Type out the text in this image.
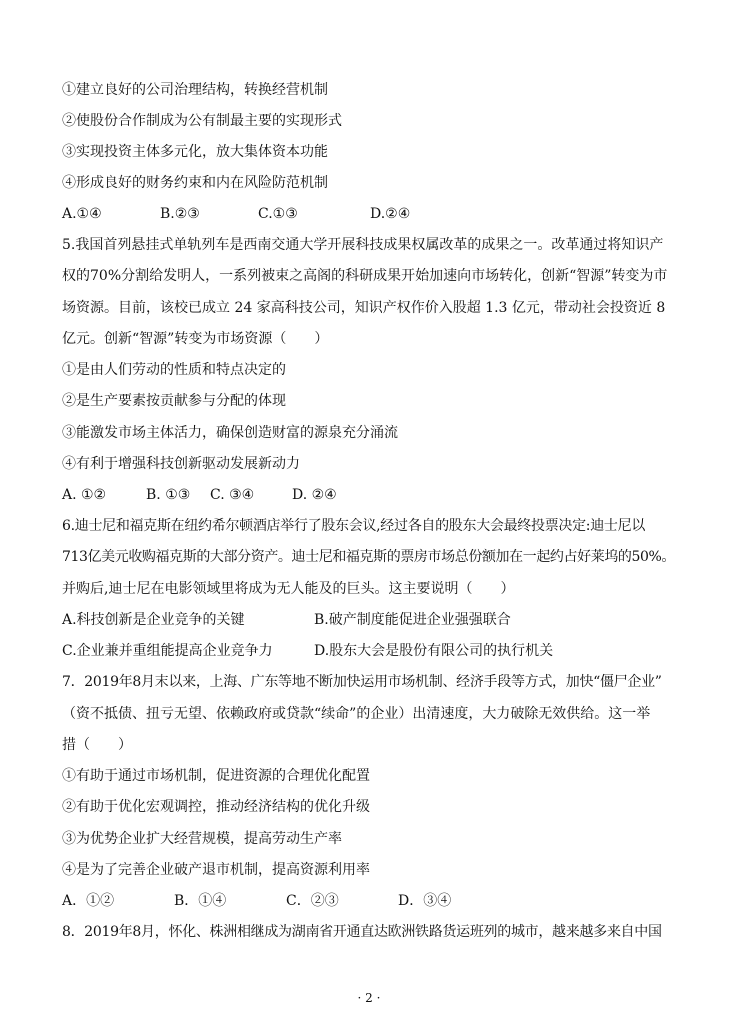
①建立良好的公司治理结构，转换经营机制
②使股份合作制成为公有制最主要的实现形式
③实现投资主体多元化，放大集体资本功能
④形成良好的财务约束和内在风险防范机制
A.①④	B.②③	C.①③	D.②④
5.我国首列悬挂式单轨列车是西南交通大学开展科技成果权属改革的成果之一。改革通过将知识产
权的70%分割给发明人，一系列被束之高阁的科研成果开始加速向市场转化，创新“智源”转变为市
场资源。目前，该校已成立 24 家高科技公司，知识产权作价入股超 1.3 亿元，带动社会投资近 8
亿元。创新“智源”转变为市场资源（　　）
①是由人们劳动的性质和特点决定的
②是生产要素按贡献参与分配的体现
③能激发市场主体活力，确保创造财富的源泉充分涌流
④有利于增强科技创新驱动发展新动力
A. ①②	B. ①③ C. ③④	D. ②④
6.迪士尼和福克斯在纽约希尔顿酒店举行了股东会议,经过各自的股东大会最终投票决定:迪士尼以
713亿美元收购福克斯的大部分资产。迪士尼和福克斯的票房市场总份额加在一起约占好莱坞的50%。
并购后,迪士尼在电影领域里将成为无人能及的巨头。这主要说明（　　）
A.科技创新是企业竞争的关键	B.破产制度能促进企业强强联合
C.企业兼并重组能提高企业竞争力	D.股东大会是股份有限公司的执行机关
7．2019年8月末以来，上海、广东等地不断加快运用市场机制、经济手段等方式，加快“僵尸企业”
（资不抵债、扭亏无望、依赖政府或贷款“续命”的企业）出清速度，大力破除无效供给。这一举
措（　　）
①有助于通过市场机制，促进资源的合理优化配置
②有助于优化宏观调控，推动经济结构的优化升级
③为优势企业扩大经营规模，提高劳动生产率
④是为了完善企业破产退市机制，提高资源利用率
A．①②	B．①④	C．②③	D．③④
8．2019年8月，怀化、株洲相继成为湖南省开通直达欧洲铁路货运班列的城市，越来越多来自中国
· 2 ·
